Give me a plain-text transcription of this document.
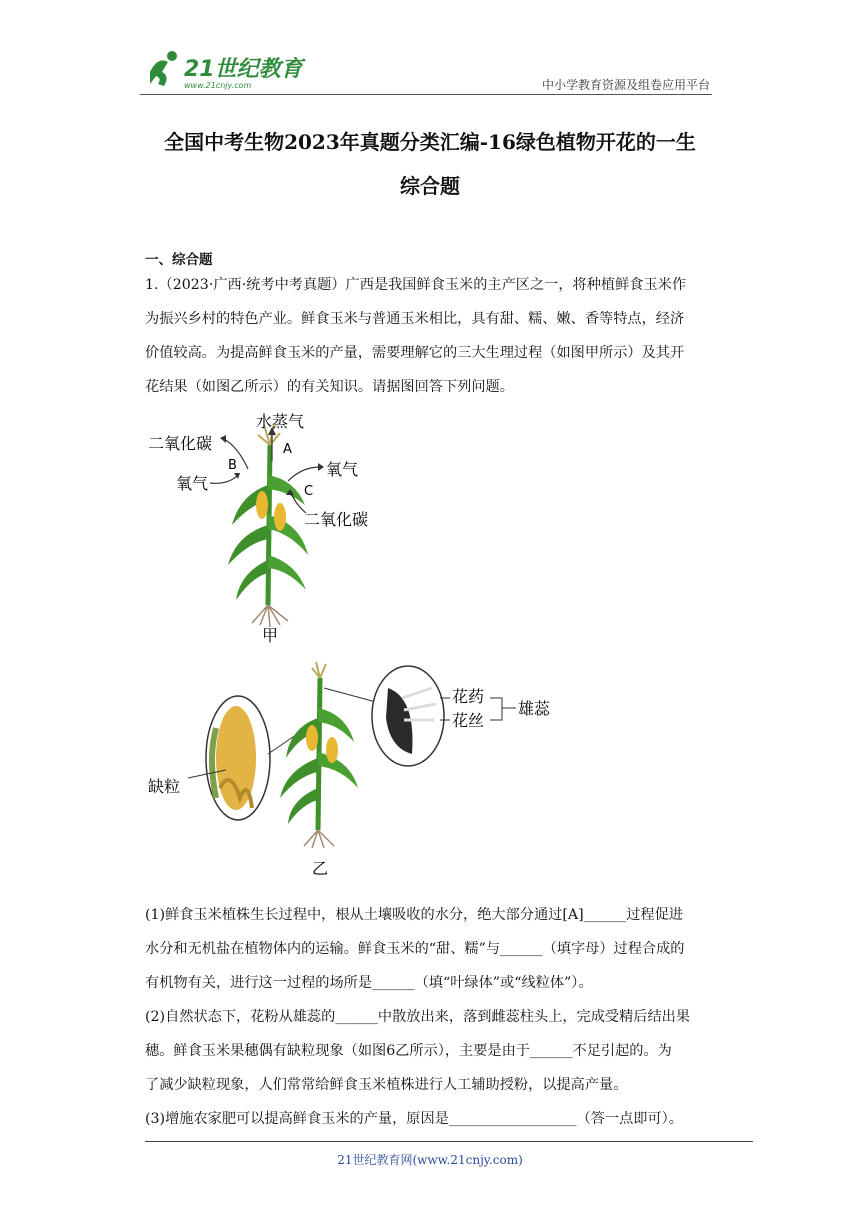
21世纪教育
www.21cnjy.com	中小学教育资源及组卷应用平台
全国中考生物2023年真题分类汇编-16绿色植物开花的一生
综合题
一、综合题
1.（2023·广西·统考中考真题）广西是我国鲜食玉米的主产区之一，将种植鲜食玉米作
为振兴乡村的特色产业。鲜食玉米与普通玉米相比，具有甜、糯、嫩、香等特点，经济
价值较高。为提高鲜食玉米的产量，需要理解它的三大生理过程（如图甲所示）及其开
花结果（如图乙所示）的有关知识。请据图回答下列问题。
水蒸气
二氧化碳
B
A
氧气
氧气
C
二氧化碳
甲
花药
花丝
雄蕊
缺粒
乙
(1)鲜食玉米植株生长过程中，根从土壤吸收的水分，绝大部分通过[A]______过程促进
水分和无机盐在植物体内的运输。鲜食玉米的“甜、糯”与______（填字母）过程合成的
有机物有关，进行这一过程的场所是______（填“叶绿体”或“线粒体”）。
(2)自然状态下，花粉从雄蕊的______中散放出来，落到雌蕊柱头上，完成受精后结出果
穗。鲜食玉米果穗偶有缺粒现象（如图6乙所示），主要是由于______不足引起的。为
了减少缺粒现象，人们常常给鲜食玉米植株进行人工辅助授粉，以提高产量。
(3)增施农家肥可以提高鲜食玉米的产量，原因是__________________（答一点即可）。
21世纪教育网(www.21cnjy.com)
